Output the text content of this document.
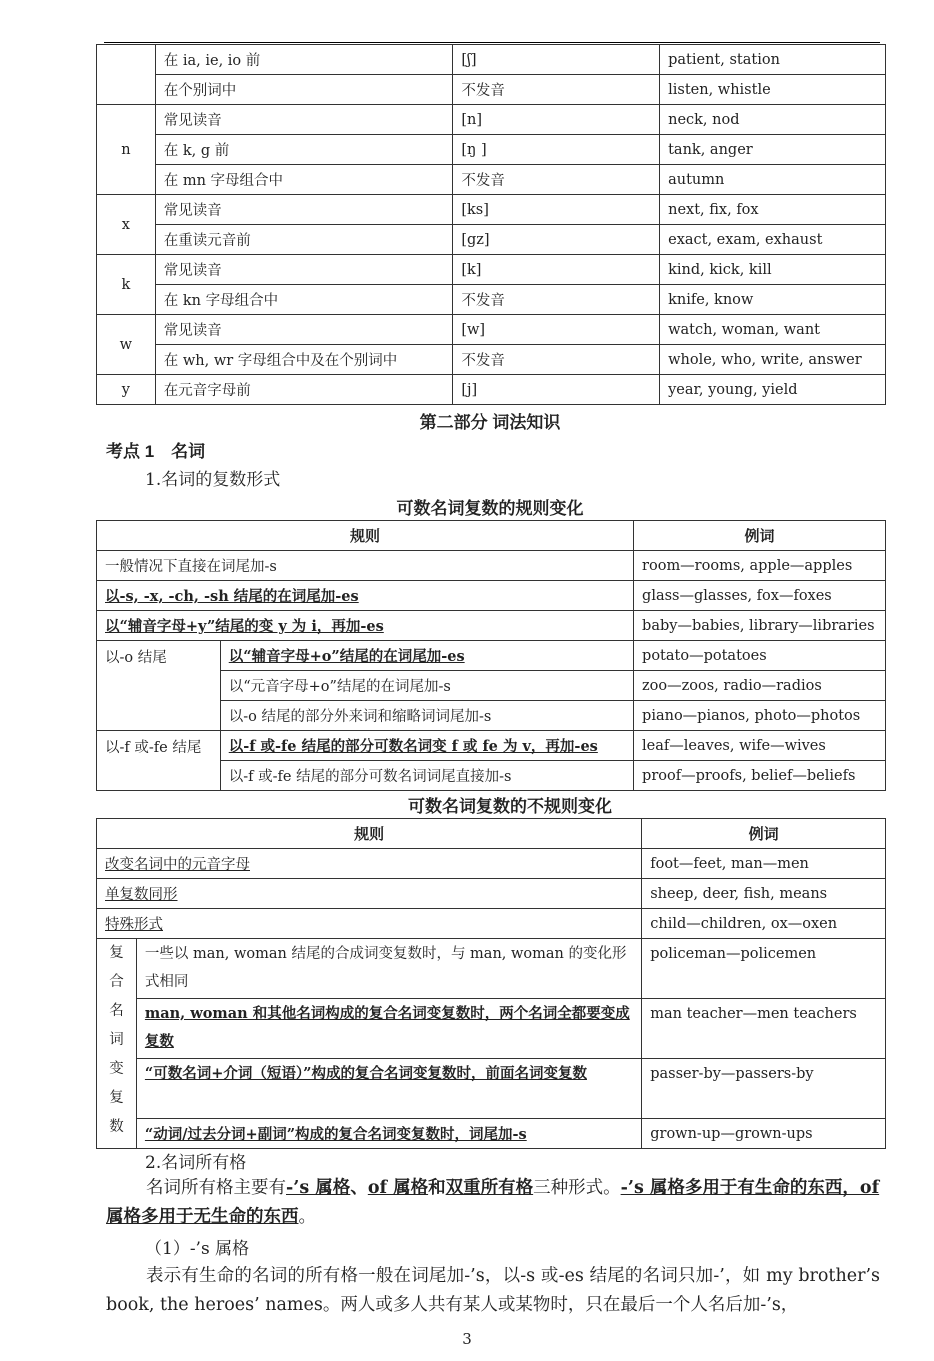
	在 ia, ie, io 前	[ʃ]	patient, station
	在个别词中	不发音	listen, whistle
n	常见读音	[n]	neck, nod
	在 k, g 前	[ŋ ]	tank, anger
	在 mn 字母组合中	不发音	autumn
x	常见读音	[ks]	next, fix, fox
	在重读元音前	[gz]	exact, exam, exhaust
k	常见读音	[k]	kind, kick, kill
	在 kn 字母组合中	不发音	knife, know
w	常见读音	[w]	watch, woman, want
	在 wh, wr 字母组合中及在个别词中	不发音	whole, who, write, answer
y	在元音字母前	[j]	year, young, yield
第二部分 词法知识
考点 1　名词
1.名词的复数形式
可数名词复数的规则变化
规则		例词
一般情况下直接在词尾加-s		room—rooms, apple—apples
以-s, -x, -ch, -sh 结尾的在词尾加-es		glass—glasses, fox—foxes
以“辅音字母+y”结尾的变 y 为 i，再加-es		baby—babies, library—libraries
以-o 结尾	以“辅音字母+o”结尾的在词尾加-es	potato—potatoes
	以“元音字母+o”结尾的在词尾加-s	zoo—zoos, radio—radios
	以-o 结尾的部分外来词和缩略词词尾加-s	piano—pianos, photo—photos
以-f 或-fe 结尾	以-f 或-fe 结尾的部分可数名词变 f 或 fe 为 v，再加-es	leaf—leaves, wife—wives
	以-f 或-fe 结尾的部分可数名词词尾直接加-s	proof—proofs, belief—beliefs
可数名词复数的不规则变化
规则		例词
改变名词中的元音字母		foot—feet, man—men
单复数同形		sheep, deer, fish, means
特殊形式		child—children, ox—oxen
复合名词变复数	一些以 man, woman 结尾的合成词变复数时，与 man, woman 的变化形式相同	policeman—policemen
	man, woman 和其他名词构成的复合名词变复数时，两个名词全都要变成复数	man teacher—men teachers
	“可数名词+介词（短语）”构成的复合名词变复数时，前面名词变复数	passer-by—passers-by
	“动词/过去分词+副词”构成的复合名词变复数时，词尾加-s	grown-up—grown-ups
2.名词所有格
名词所有格主要有-’s 属格、of 属格和双重所有格三种形式。-’s 属格多用于有生命的东西，of 属格多用于无生命的东西。
（1）-’s 属格
表示有生命的名词的所有格一般在词尾加-’s，以-s 或-es 结尾的名词只加-’，如 my brother’s book, the heroes’ names。两人或多人共有某人或某物时，只在最后一个人名后加-’s，
3
